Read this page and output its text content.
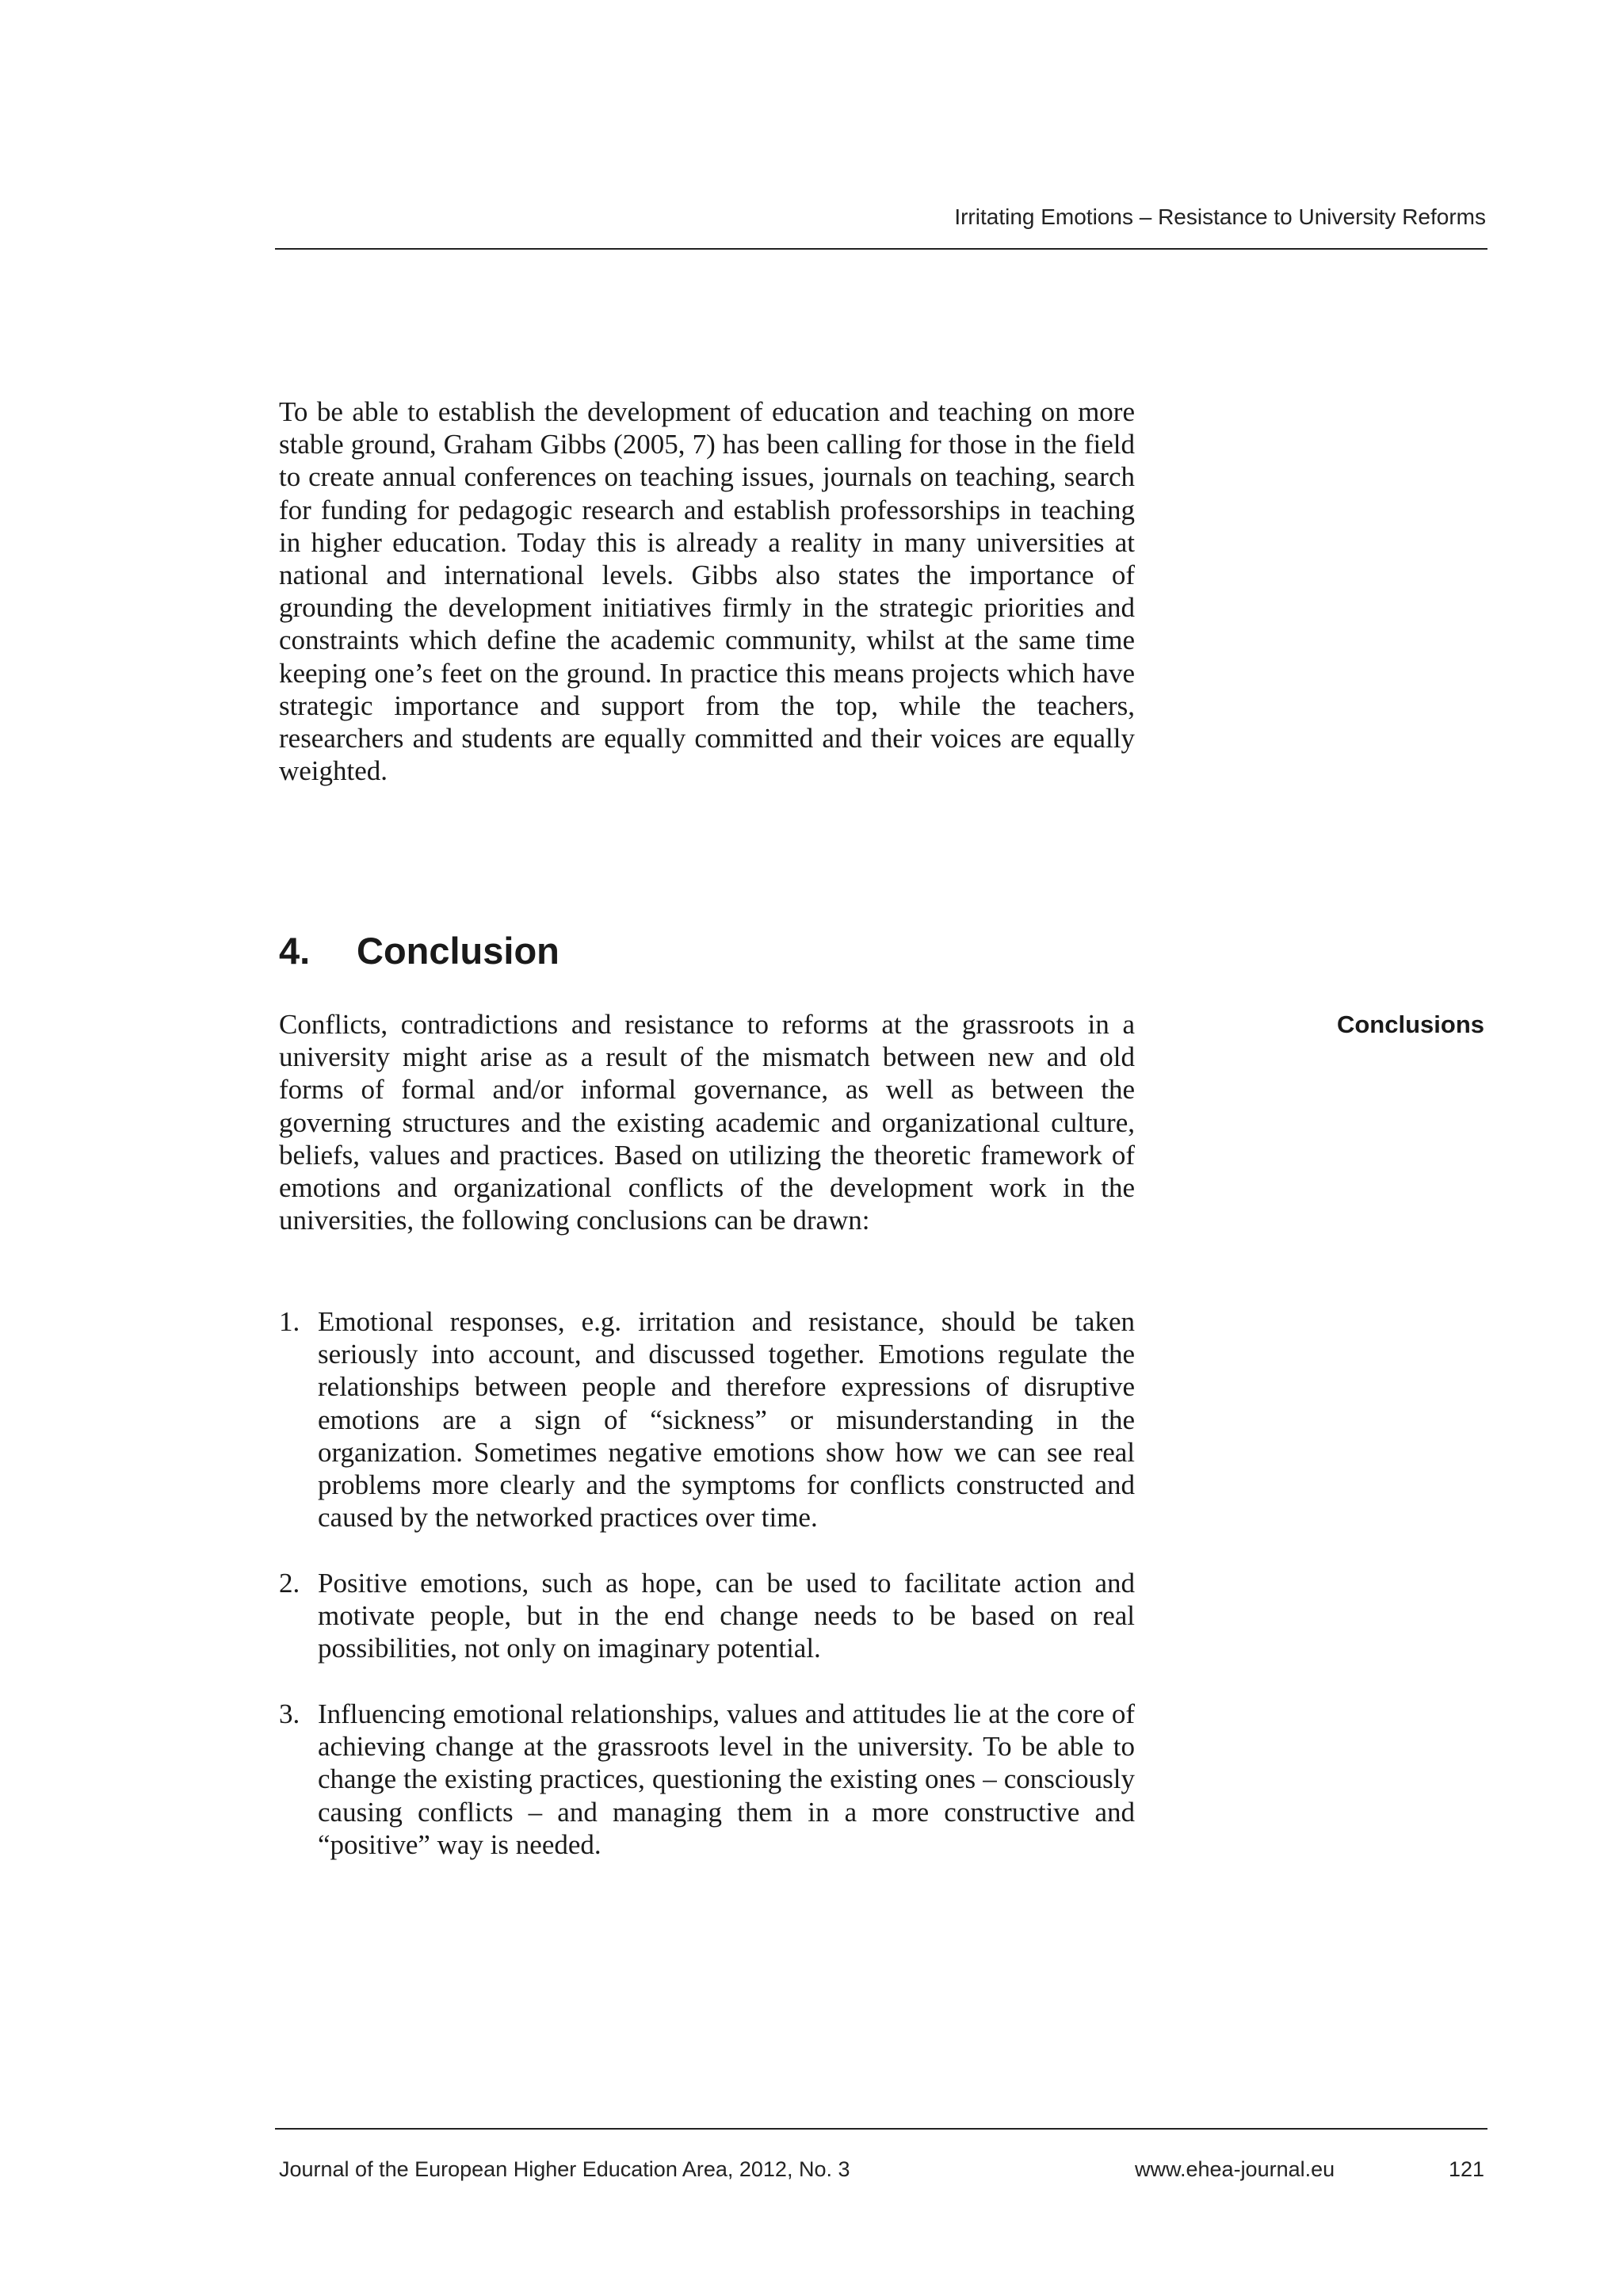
Irritating Emotions – Resistance to University Reforms
To be able to establish the development of education and teaching on more stable ground, Graham Gibbs (2005, 7) has been calling for those in the field to create annual conferences on teaching issues, journals on teaching, search for funding for pedagogic research and establish professorships in teaching in higher education. Today this is already a reality in many universities at national and international levels. Gibbs also states the importance of grounding the development initiatives firmly in the strategic priorities and constraints which define the academic community, whilst at the same time keeping one’s feet on the ground. In practice this means projects which have strategic importance and support from the top, while the teachers, researchers and students are equally committed and their voices are equally weighted.
4. Conclusion
Conclusions
Conflicts, contradictions and resistance to reforms at the grassroots in a university might arise as a result of the mismatch between new and old forms of formal and/or informal governance, as well as between the governing structures and the existing academic and organizational culture, beliefs, values and practices. Based on utilizing the theoretic framework of emotions and organizational conflicts of the development work in the universities, the following conclusions can be drawn:
1. Emotional responses, e.g. irritation and resistance, should be taken seriously into account, and discussed together. Emotions regulate the relationships between people and therefore expressions of disruptive emotions are a sign of “sickness” or misunderstanding in the organization. Sometimes negative emotions show how we can see real problems more clearly and the symptoms for conflicts constructed and caused by the networked practices over time.
2. Positive emotions, such as hope, can be used to facilitate action and motivate people, but in the end change needs to be based on real possibilities, not only on imaginary potential.
3. Influencing emotional relationships, values and attitudes lie at the core of achieving change at the grassroots level in the university. To be able to change the existing practices, questioning the existing ones – consciously causing conflicts – and managing them in a more constructive and “positive” way is needed.
Journal of the European Higher Education Area, 2012, No. 3	www.ehea-journal.eu	121
